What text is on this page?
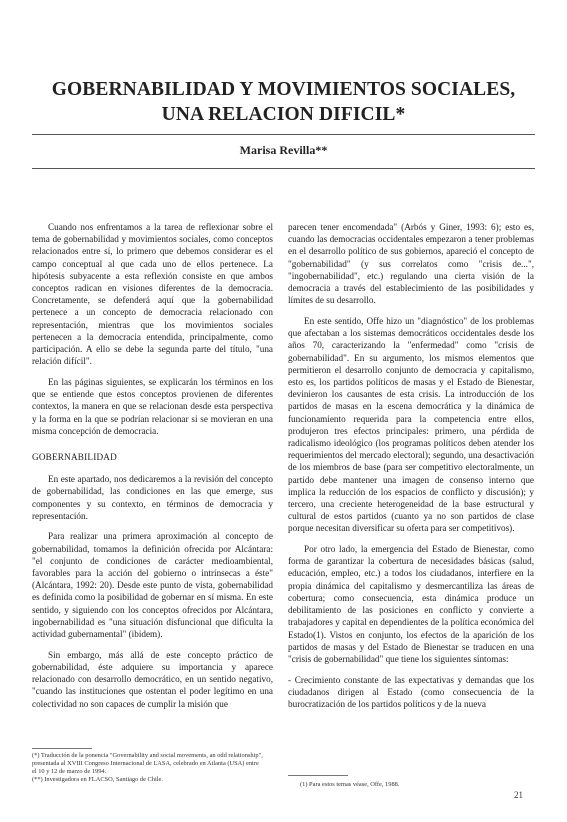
GOBERNABILIDAD Y MOVIMIENTOS SOCIALES,
UNA RELACION DIFICIL*
Marisa Revilla**

Cuando nos enfrentamos a la tarea de reflexionar sobre el tema de gobernabilidad y movimientos sociales, como conceptos relacionados entre sí, lo primero que debemos considerar es el campo conceptual al que cada uno de ellos pertenece. La hipótesis subyacente a esta reflexión consiste en que ambos conceptos radican en visiones diferentes de la democracia. Concretamente, se defenderá aquí que la gobernabilidad pertenece a un concepto de democracia relacionado con representación, mientras que los movimientos sociales pertenecen a la democracia entendida, principalmente, como participación. A ello se debe la segunda parte del título, "una relación difícil".

En las páginas siguientes, se explicarán los términos en los que se entiende que estos conceptos provienen de diferentes contextos, la manera en que se relacionan desde esta perspectiva y la forma en la que se podrían relacionar si se movieran en una misma concepción de democracia.

GOBERNABILIDAD

En este apartado, nos dedicaremos a la revisión del concepto de gobernabilidad, las condiciones en las que emerge, sus componentes y su contexto, en términos de democracia y representación.

Para realizar una primera aproximación al concepto de gobernabilidad, tomamos la definición ofrecida por Alcántara: "el conjunto de condiciones de carácter medioambiental, favorables para la acción del gobierno o intrínsecas a éste" (Alcántara, 1992: 20). Desde este punto de vista, gobernabilidad es definida como la posibilidad de gobernar en sí misma. En este sentido, y siguiendo con los conceptos ofrecidos por Alcántara, ingobernabilidad es "una situación disfuncional que dificulta la actividad gubernamental" (ibidem).

Sin embargo, más allá de este concepto práctico de gobernabilidad, éste adquiere su importancia y aparece relacionado con desarrollo democrático, en un sentido negativo, "cuando las instituciones que ostentan el poder legítimo en una colectividad no son capaces de cumplir la misión que

(*) Traducción de la ponencia "Governability and social movements, an odd relationship", presentada al XVIII Congreso Internacional de LASA, celebrado en Atlanta (USA) entre el 10 y 12 de marzo de 1994.

(**) Investigadora en FLACSO, Santiago de Chile.

parecen tener encomendada" (Arbós y Giner, 1993: 6); esto es, cuando las democracias occidentales empezaron a tener problemas en el desarrollo político de sus gobiernos, apareció el concepto de "gobernabilidad" (y sus correlatos como "crisis de...", "ingobernabilidad", etc.) regulando una cierta visión de la democracia a través del establecimiento de las posibilidades y límites de su desarrollo.

En este sentido, Offe hizo un "diagnóstico" de los problemas que afectaban a los sistemas democráticos occidentales desde los años 70, caracterizando la "enfermedad" como "crisis de gobernabilidad". En su argumento, los mismos elementos que permitieron el desarrollo conjunto de democracia y capitalismo, esto es, los partidos políticos de masas y el Estado de Bienestar, devinieron los causantes de esta crisis. La introducción de los partidos de masas en la escena democrática y la dinámica de funcionamiento requerida para la competencia entre ellos, produjeron tres efectos principales: primero, una pérdida de radicalismo ideológico (los programas políticos deben atender los requerimientos del mercado electoral); segundo, una desactivación de los miembros de base (para ser competitivo electoralmente, un partido debe mantener una imagen de consenso interno que implica la reducción de los espacios de conflicto y discusión); y tercero, una creciente heterogeneidad de la base estructural y cultural de estos partidos (cuanto ya no son partidos de clase porque necesitan diversificar su oferta para ser competitivos).

Por otro lado, la emergencia del Estado de Bienestar, como forma de garantizar la cobertura de necesidades básicas (salud, educación, empleo, etc.) a todos los ciudadanos, interfiere en la propia dinámica del capitalismo y desmercantiliza las áreas de cobertura; como consecuencia, esta dinámica produce un debilitamiento de las posiciones en conflicto y convierte a trabajadores y capital en dependientes de la política económica del Estado(1). Vistos en conjunto, los efectos de la aparición de los partidos de masas y del Estado de Bienestar se traducen en una "crisis de gobernabilidad" que tiene los siguientes síntomas:

- Crecimiento constante de las expectativas y demandas que los ciudadanos dirigen al Estado (como consecuencia de la burocratización de los partidos políticos y de la nueva

(1) Para estos temas véase, Offe, 1988.
21
